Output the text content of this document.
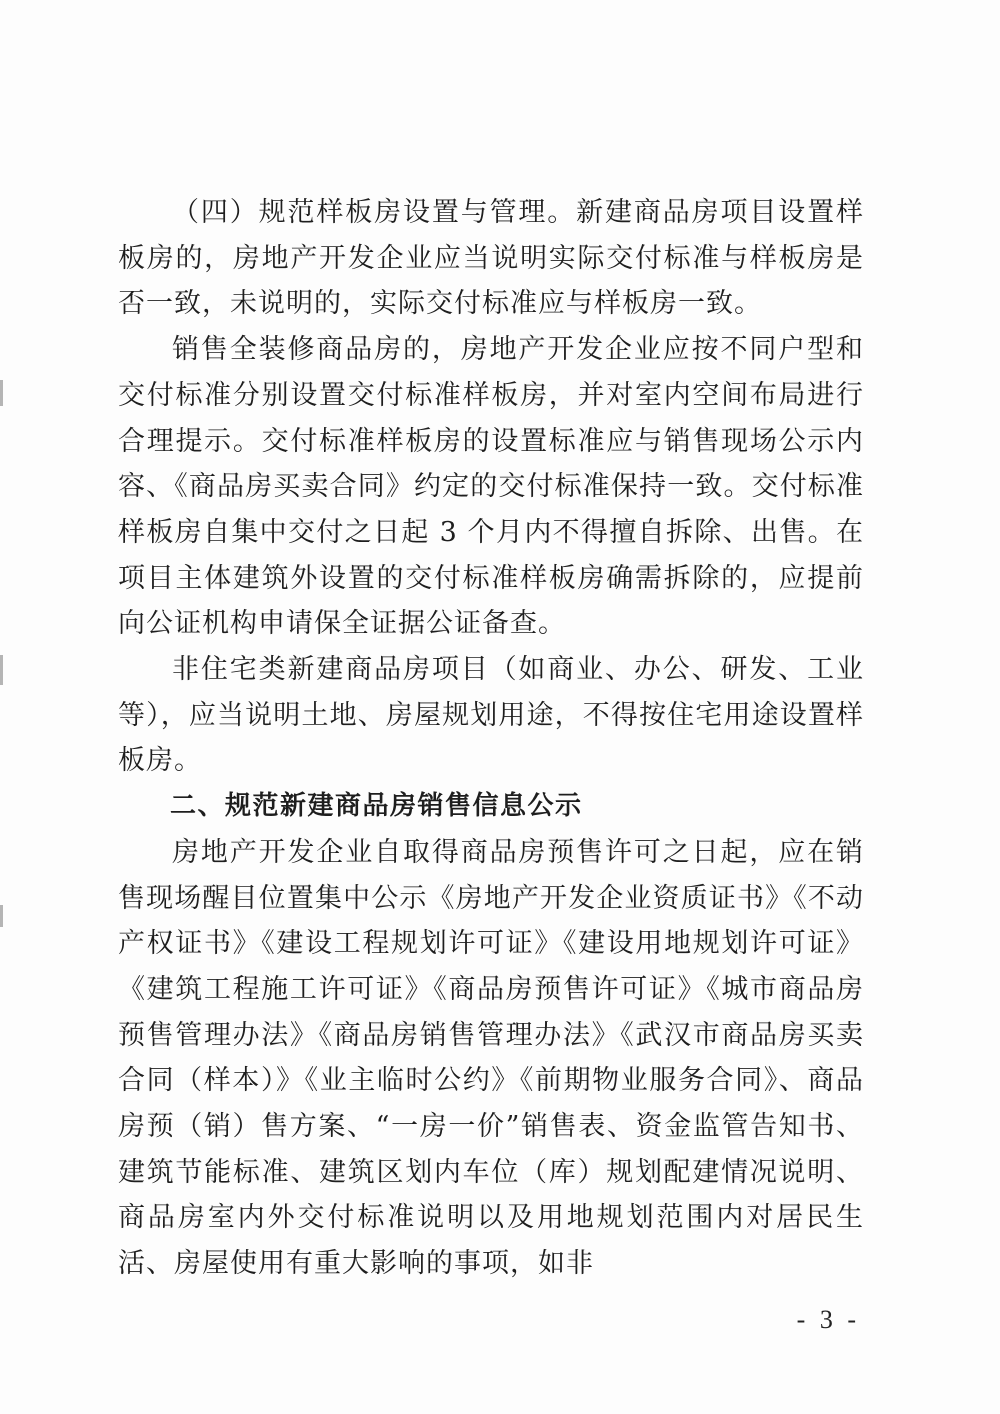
（四）规范样板房设置与管理。新建商品房项目设置样板房的，房地产开发企业应当说明实际交付标准与样板房是否一致，未说明的，实际交付标准应与样板房一致。

销售全装修商品房的，房地产开发企业应按不同户型和交付标准分别设置交付标准样板房，并对室内空间布局进行合理提示。交付标准样板房的设置标准应与销售现场公示内容、《商品房买卖合同》约定的交付标准保持一致。交付标准样板房自集中交付之日起 3 个月内不得擅自拆除、出售。在项目主体建筑外设置的交付标准样板房确需拆除的，应提前向公证机构申请保全证据公证备查。

非住宅类新建商品房项目（如商业、办公、研发、工业等），应当说明土地、房屋规划用途，不得按住宅用途设置样板房。

二、规范新建商品房销售信息公示

房地产开发企业自取得商品房预售许可之日起，应在销售现场醒目位置集中公示《房地产开发企业资质证书》《不动产权证书》《建设工程规划许可证》《建设用地规划许可证》《建筑工程施工许可证》《商品房预售许可证》《城市商品房预售管理办法》《商品房销售管理办法》《武汉市商品房买卖合同（样本）》《业主临时公约》《前期物业服务合同》、商品房预（销）售方案、“一房一价”销售表、资金监管告知书、建筑节能标准、建筑区划内车位（库）规划配建情况说明、商品房室内外交付标准说明以及用地规划范围内对居民生活、房屋使用有重大影响的事项，如非

- 3 -
